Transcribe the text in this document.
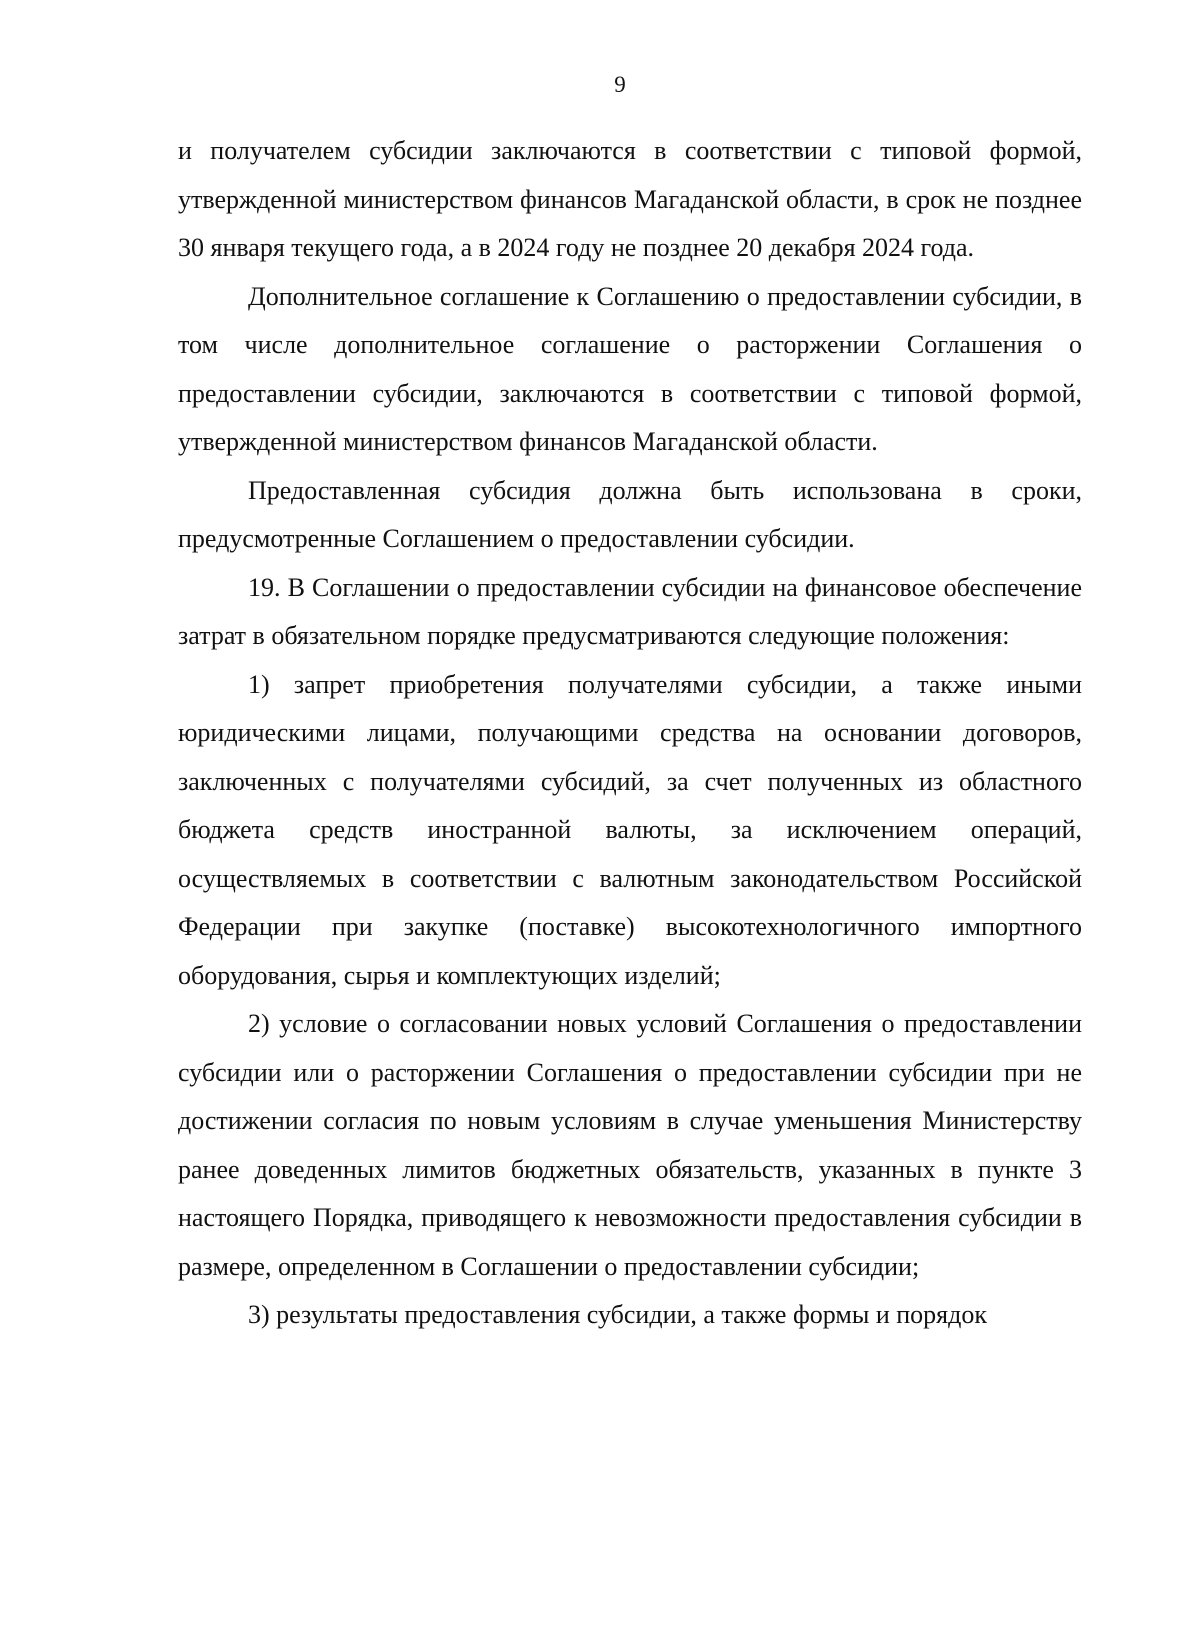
9

и получателем субсидии заключаются в соответствии с типовой формой, утвержденной министерством финансов Магаданской области, в срок не позднее 30 января текущего года, а в 2024 году не позднее 20 декабря 2024 года.

Дополнительное соглашение к Соглашению о предоставлении субсидии, в том числе дополнительное соглашение о расторжении Соглашения о предоставлении субсидии, заключаются в соответствии с типовой формой, утвержденной министерством финансов Магаданской области.

Предоставленная субсидия должна быть использована в сроки, предусмотренные Соглашением о предоставлении субсидии.

19. В Соглашении о предоставлении субсидии на финансовое обеспечение затрат в обязательном порядке предусматриваются следующие положения:

1) запрет приобретения получателями субсидии, а также иными юридическими лицами, получающими средства на основании договоров, заключенных с получателями субсидий, за счет полученных из областного бюджета средств иностранной валюты, за исключением операций, осуществляемых в соответствии с валютным законодательством Российской Федерации при закупке (поставке) высокотехнологичного импортного оборудования, сырья и комплектующих изделий;

2) условие о согласовании новых условий Соглашения о предоставлении субсидии или о расторжении Соглашения о предоставлении субсидии при не достижении согласия по новым условиям в случае уменьшения Министерству ранее доведенных лимитов бюджетных обязательств, указанных в пункте 3 настоящего Порядка, приводящего к невозможности предоставления субсидии в размере, определенном в Соглашении о предоставлении субсидии;

3) результаты предоставления субсидии, а также формы и порядок
